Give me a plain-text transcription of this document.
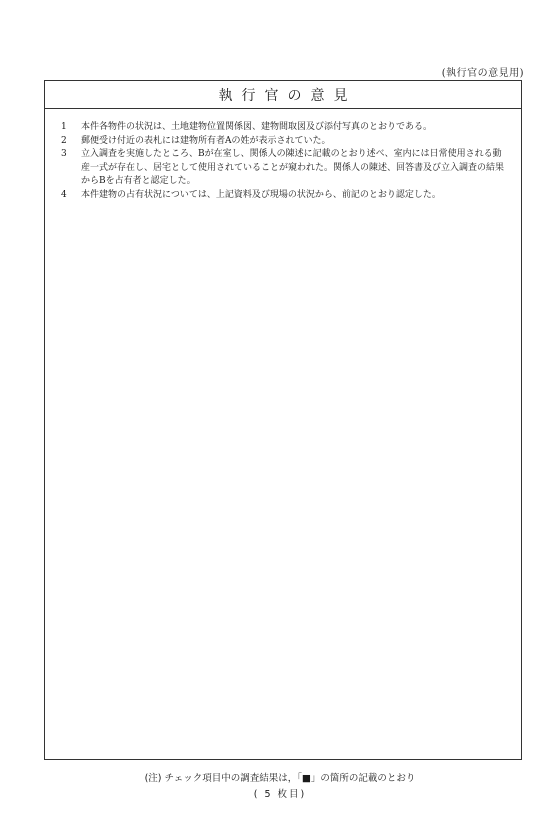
(執行官の意見用)
執行官の意見
1	本件各物件の状況は、土地建物位置関係図、建物間取図及び添付写真のとおりである。
2	郵便受け付近の表札には建物所有者Aの姓が表示されていた。
3	立入調査を実施したところ、Bが在室し、関係人の陳述に記載のとおり述べ、室内には日常使用される動産一式が存在し、居宅として使用されていることが窺われた。関係人の陳述、回答書及び立入調査の結果からBを占有者と認定した。
4	本件建物の占有状況については、上記資料及び現場の状況から、前記のとおり認定した。
(注) チェック項目中の調査結果は，「■」の箇所の記載のとおり
( 5 枚目)
